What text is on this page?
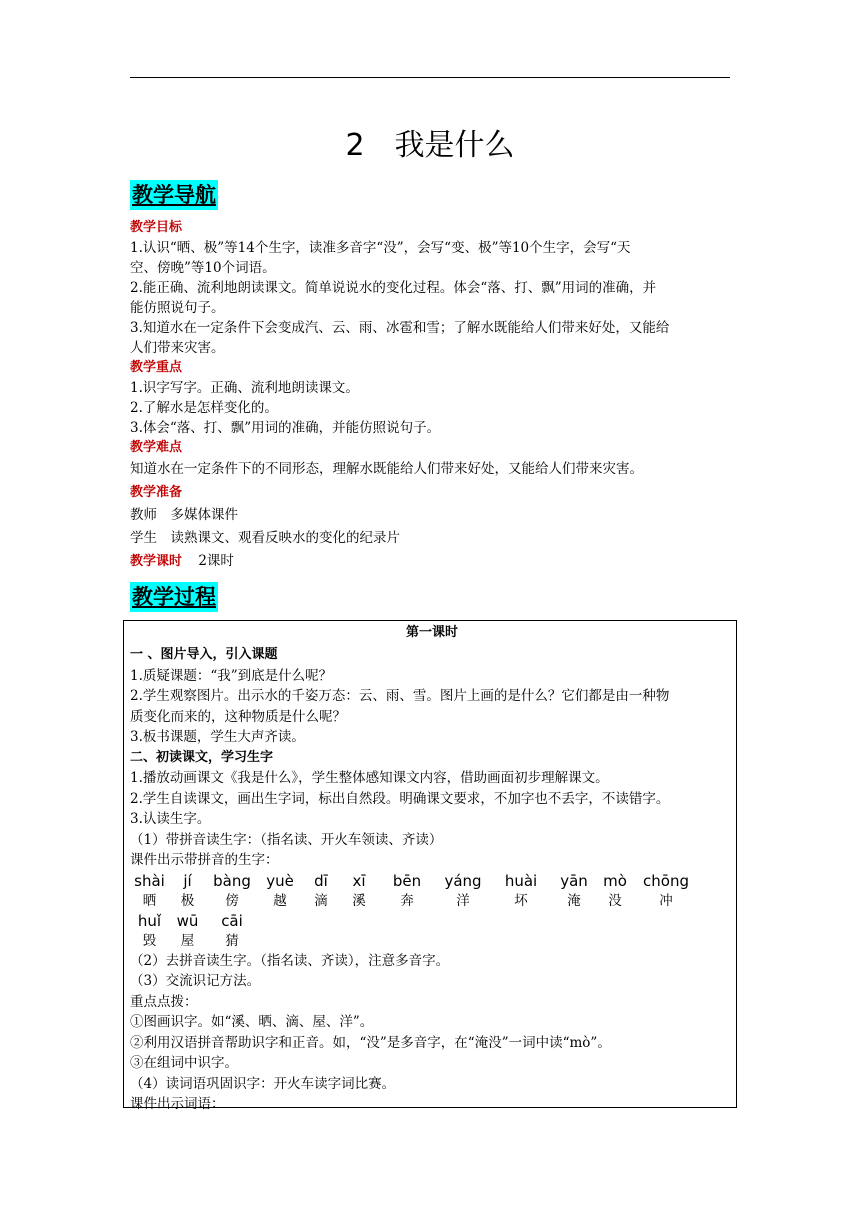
2　我是什么
教学导航
教学目标
1.认识“晒、极”等14个生字，读准多音字“没”，会写“变、极”等10个生字，会写“天
空、傍晚”等10个词语。
2.能正确、流利地朗读课文。简单说说水的变化过程。体会“落、打、飘”用词的准确，并
能仿照说句子。
3.知道水在一定条件下会变成汽、云、雨、冰雹和雪；了解水既能给人们带来好处，又能给
人们带来灾害。
教学重点
1.识字写字。正确、流利地朗读课文。
2.了解水是怎样变化的。
3.体会“落、打、飘”用词的准确，并能仿照说句子。
教学难点
知道水在一定条件下的不同形态，理解水既能给人们带来好处，又能给人们带来灾害。
教学准备
教师　多媒体课件
学生　读熟课文、观看反映水的变化的纪录片
教学课时 2课时
教学过程
第一课时
一 、图片导入，引入课题
1.质疑课题：“我”到底是什么呢？
2.学生观察图片。出示水的千姿万态：云、雨、雪。图片上画的是什么？它们都是由一种物
质变化而来的，这种物质是什么呢？
3.板书课题，学生大声齐读。
二、初读课文，学习生字
1.播放动画课文《我是什么》，学生整体感知课文内容，借助画面初步理解课文。
2.学生自读课文，画出生字词，标出自然段。明确课文要求，不加字也不丢字，不读错字。
3.认读生字。
（1）带拼音读生字：（指名读、开火车领读、齐读）
课件出示带拼音的生字：
shài	jí	bàng	yuè	dī	xī	bēn	yáng	huài	yān	mò	chōng
晒	极	傍	越	滴	溪	奔	洋	坏	淹	没	冲
huǐ	wū	cāi
毁	屋	猜
（2）去拼音读生字。（指名读、齐读），注意多音字。
（3）交流识记方法。
重点点拨：
①图画识字。如“溪、晒、滴、屋、洋”。
②利用汉语拼音帮助识字和正音。如，“没”是多音字，在“淹没”一词中读“mò”。
③在组词中识字。
（4）读词语巩固识字：开火车读字词比赛。
课件出示词语：
